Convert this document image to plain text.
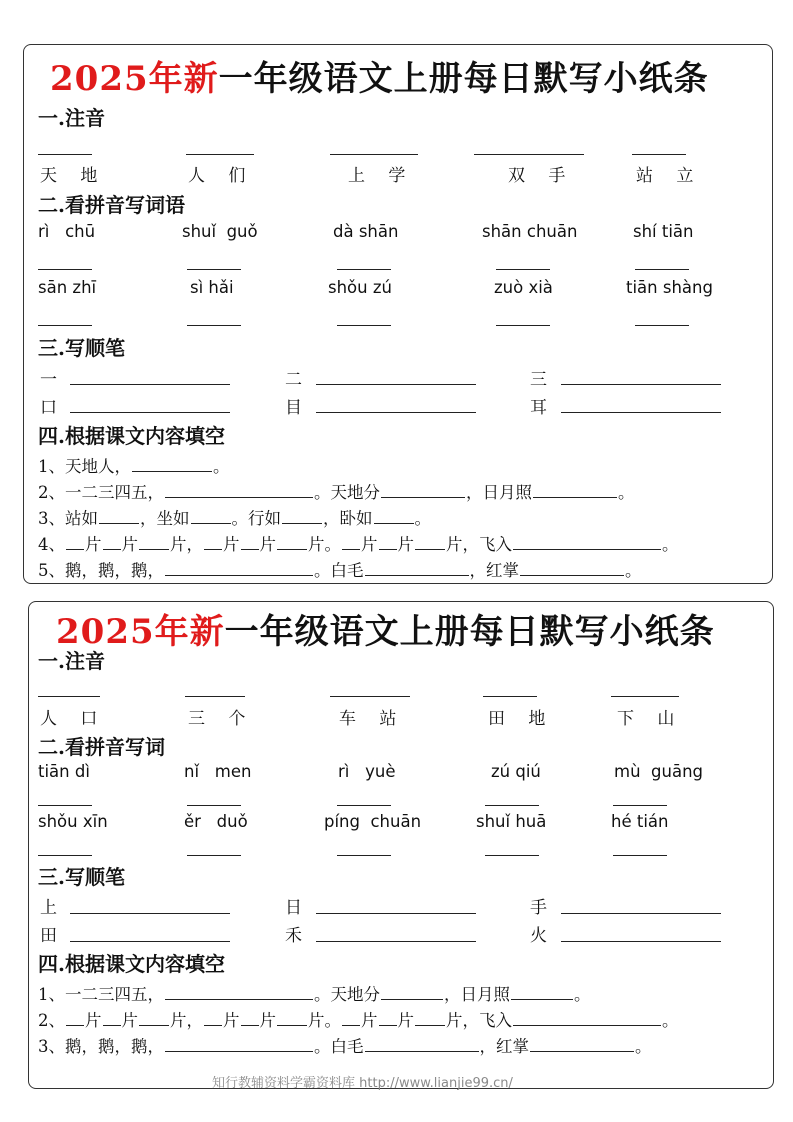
2025年新一年级语文上册每日默写小纸条
一.注音
天 地	人 们	上 学	双 手	站 立
二.看拼音写词语
rì   chū	shuǐ  guǒ	dà shān	shān chuān	shí tiān
sān zhī	sì hǎi	shǒu zú	zuò xià	tiān shàng
三.写顺笔
一	二	三
口	目	耳
四.根据课文内容填空
1、天地人，	。
2、一二三四五，	。天地分	，日月照	。
3、站如	，坐如	。行如	，卧如	。
4、 片 片 片， 片 片 片。 片 片 片，飞入	。
5、鹅，鹅，鹅，	。白毛	，红掌	。
2025年新一年级语文上册每日默写小纸条
一.注音
人 口	三 个	车 站	田 地	下 山
二.看拼音写词
tiān dì	nǐ   men	rì   yuè	zú qiú	mù  guāng
shǒu xīn	ěr   duǒ	píng  chuān	shuǐ huā	hé tián
三.写顺笔
上	日	手
田	禾	火
四.根据课文内容填空
1、一二三四五，	。天地分	，日月照	。
2、 片 片 片， 片 片 片。 片 片 片，飞入	。
3、鹅，鹅，鹅，	。白毛	，红掌	。
知行教辅资料学霸资料库 http://www.lianjie99.cn/
